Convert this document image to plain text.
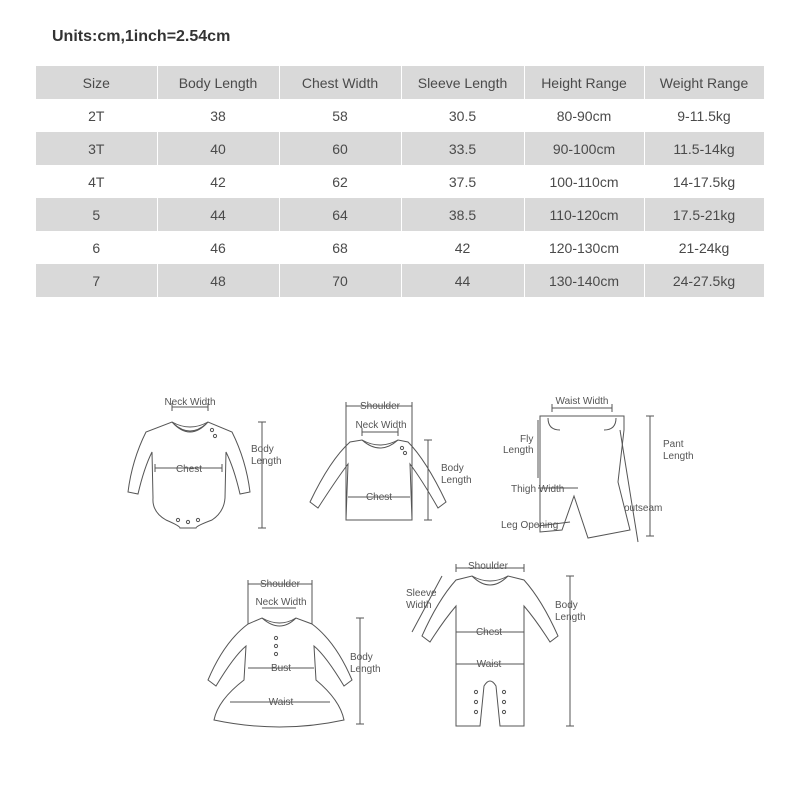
Units:cm,1inch=2.54cm
Size	Body Length	Chest Width	Sleeve Length	Height Range	Weight Range
2T	38	58	30.5	80-90cm	9-11.5kg
3T	40	60	33.5	90-100cm	11.5-14kg
4T	42	62	37.5	100-110cm	14-17.5kg
5	44	64	38.5	110-120cm	17.5-21kg
6	46	68	42	120-130cm	21-24kg
7	48	70	44	130-140cm	24-27.5kg
Neck Width
Chest
Body
Length
Shoulder
Neck Width
Chest
Body
Length
Waist Width
Fly
Length
Thigh Width
Leg Opening
outseam
Pant
Length
Shoulder
Neck Width
Bust
Waist
Body
Length
Shoulder
Sleeve
Width
Chest
Waist
Body
Length
